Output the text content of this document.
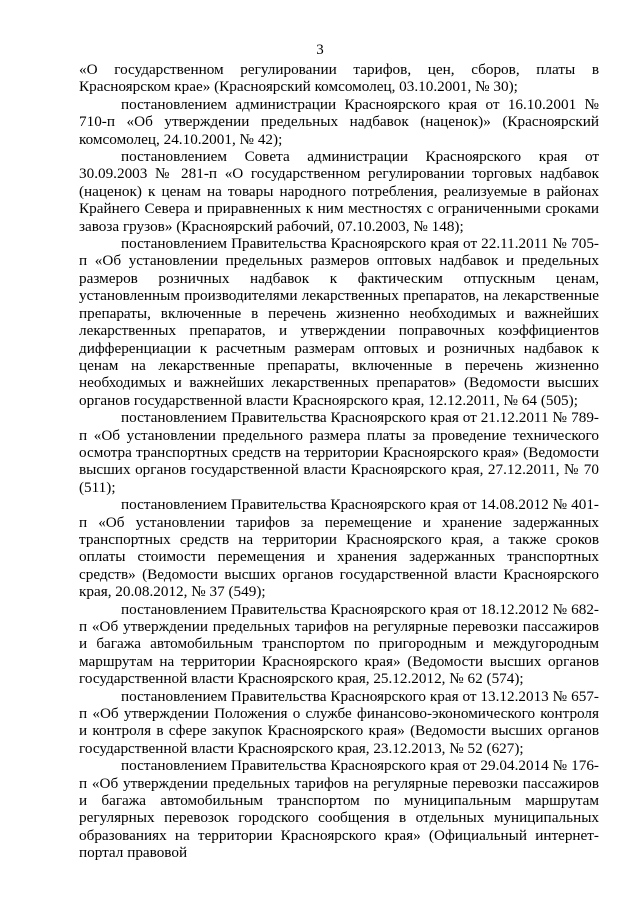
3

«О государственном регулировании тарифов, цен, сборов, платы в Красноярском крае» (Красноярский комсомолец, 03.10.2001, № 30);

постановлением администрации Красноярского края от 16.10.2001 № 710-п «Об утверждении предельных надбавок (наценок)» (Красноярский комсомолец, 24.10.2001, № 42);

постановлением Совета администрации Красноярского края от 30.09.2003 № 281-п «О государственном регулировании торговых надбавок (наценок) к ценам на товары народного потребления, реализуемые в районах Крайнего Севера и приравненных к ним местностях с ограниченными сроками завоза грузов» (Красноярский рабочий, 07.10.2003, № 148);

постановлением Правительства Красноярского края от 22.11.2011 № 705-п «Об установлении предельных размеров оптовых надбавок и предельных размеров розничных надбавок к фактическим отпускным ценам, установленным производителями лекарственных препаратов, на лекарственные препараты, включенные в перечень жизненно необходимых и важнейших лекарственных препаратов, и утверждении поправочных коэффициентов дифференциации к расчетным размерам оптовых и розничных надбавок к ценам на лекарственные препараты, включенные в перечень жизненно необходимых и важнейших лекарственных препаратов» (Ведомости высших органов государственной власти Красноярского края, 12.12.2011, № 64 (505);

постановлением Правительства Красноярского края от 21.12.2011 № 789-п «Об установлении предельного размера платы за проведение технического осмотра транспортных средств на территории Красноярского края» (Ведомости высших органов государственной власти Красноярского края, 27.12.2011, № 70 (511);

постановлением Правительства Красноярского края от 14.08.2012 № 401-п «Об установлении тарифов за перемещение и хранение задержанных транспортных средств на территории Красноярского края, а также сроков оплаты стоимости перемещения и хранения задержанных транспортных средств» (Ведомости высших органов государственной власти Красноярского края, 20.08.2012, № 37 (549);

постановлением Правительства Красноярского края от 18.12.2012 № 682-п «Об утверждении предельных тарифов на регулярные перевозки пассажиров и багажа автомобильным транспортом по пригородным и междугородным маршрутам на территории Красноярского края» (Ведомости высших органов государственной власти Красноярского края, 25.12.2012, № 62 (574);

постановлением Правительства Красноярского края от 13.12.2013 № 657-п «Об утверждении Положения о службе финансово-экономического контроля и контроля в сфере закупок Красноярского края» (Ведомости высших органов государственной власти Красноярского края, 23.12.2013, № 52 (627);

постановлением Правительства Красноярского края от 29.04.2014 № 176-п «Об утверждении предельных тарифов на регулярные перевозки пассажиров и багажа автомобильным транспортом по муниципальным маршрутам регулярных перевозок городского сообщения в отдельных муниципальных образованиях на территории Красноярского края» (Официальный интернет-портал правовой
